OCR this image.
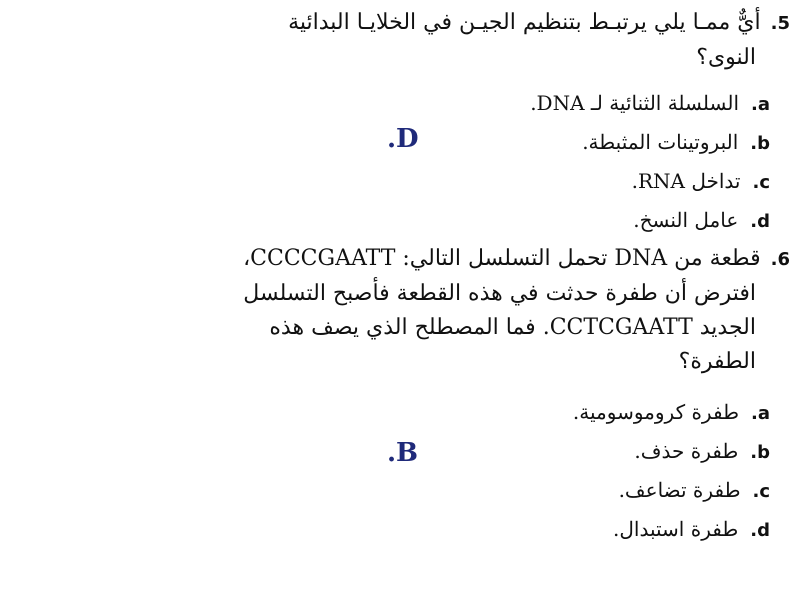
5.أيٌّ ممـا يلي يرتبـط بتنظيم الجيـن في الخلايـا البدائية
النوى؟
a.السلسلة الثنائية لـ DNA.
b.البروتينات المثبطة.
c.تداخل RNA.
d.عامل النسخ.
.D
6.قطعة من DNA تحمل التسلسل التالي: CCCCGAATT،
افترض أن طفرة حدثت في هذه القطعة فأصبح التسلسل
الجديد CCTCGAATT. فما المصطلح الذي يصف هذه
الطفرة؟
a.طفرة كروموسومية.
b.طفرة حذف.
c.طفرة تضاعف.
d.طفرة استبدال.
.B
